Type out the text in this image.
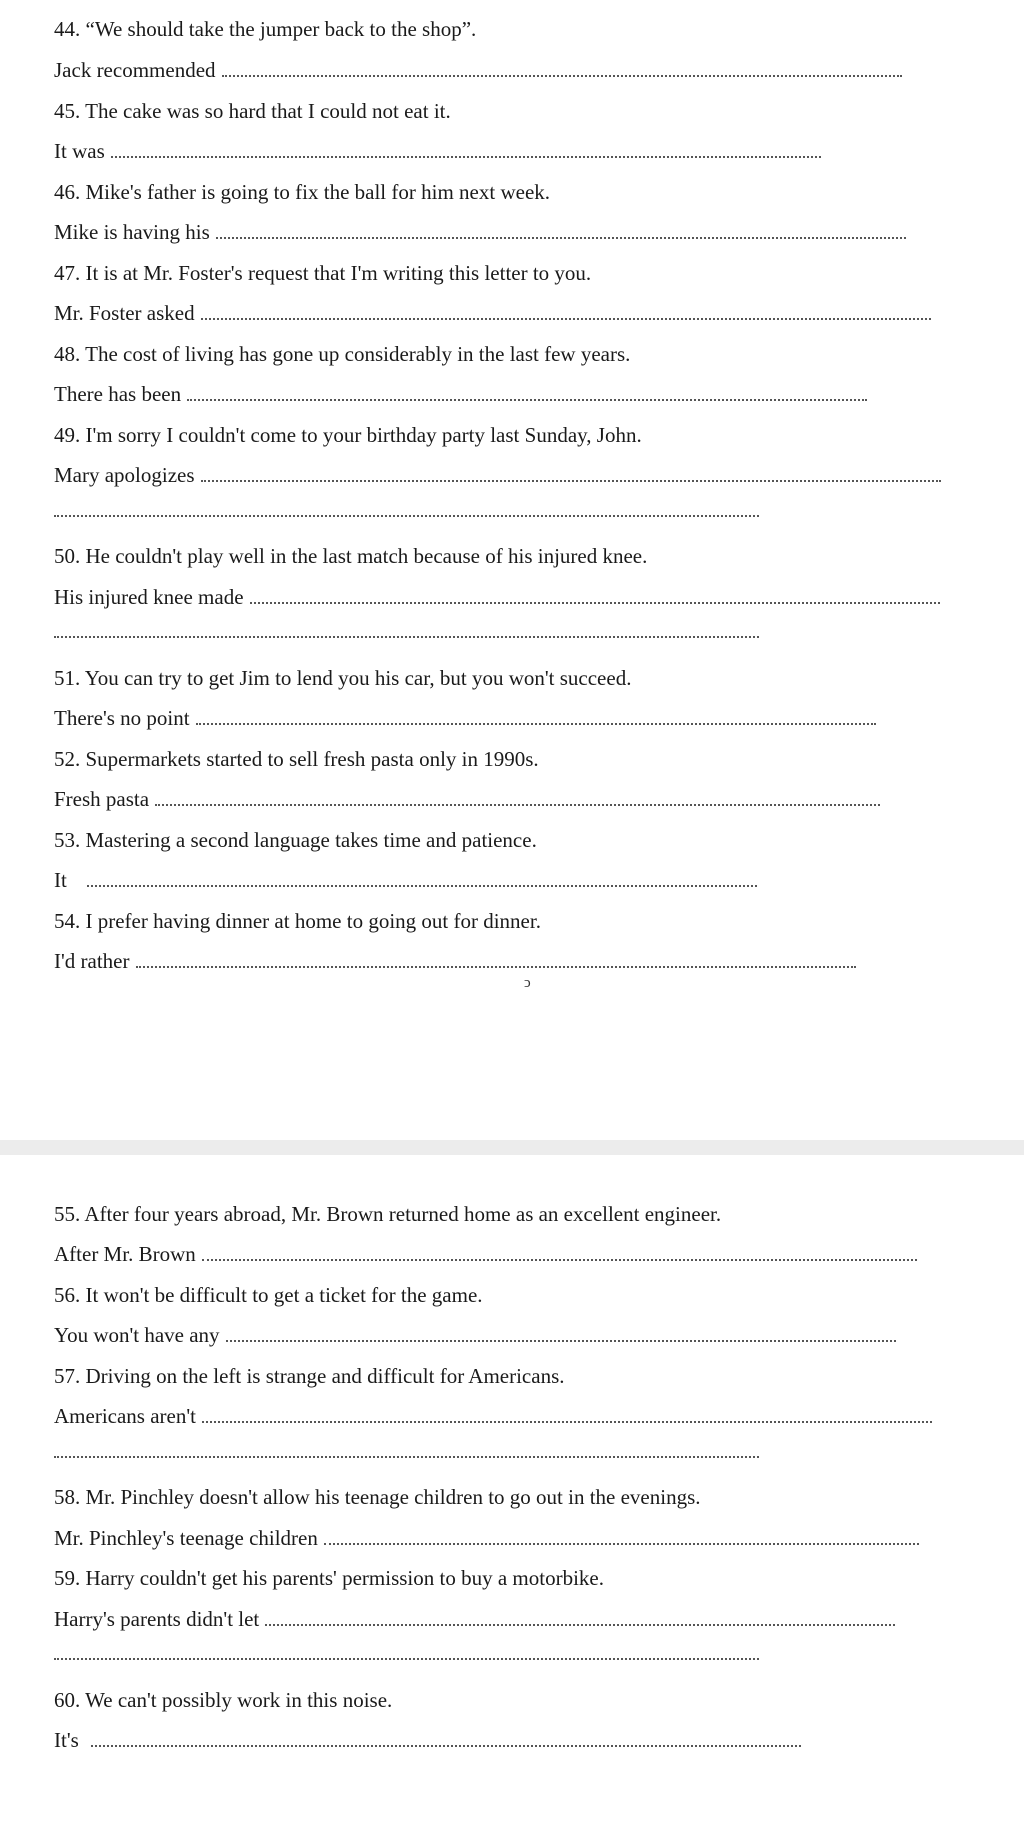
44. “We should take the jumper back to the shop”.
Jack recommended
45. The cake was so hard that I could not eat it.
It was
46. Mike's father is going to fix the ball for him next week.
Mike is having his
47. It is at Mr. Foster's request that I'm writing this letter to you.
Mr. Foster asked
48. The cost of living has gone up considerably in the last few years.
There has been
49. I'm sorry I couldn't come to your birthday party last Sunday, John.
Mary apologizes
50. He couldn't play well in the last match because of his injured knee.
His injured knee made
51. You can try to get Jim to lend you his car, but you won't succeed.
There's no point
52. Supermarkets started to sell fresh pasta only in 1990s.
Fresh pasta
53. Mastering a second language takes time and patience.
It
54. I prefer having dinner at home to going out for dinner.
I'd rather
ↄ
55. After four years abroad, Mr. Brown returned home as an excellent engineer.
After Mr. Brown
56. It won't be difficult to get a ticket for the game.
You won't have any
57. Driving on the left is strange and difficult for Americans.
Americans aren't
58. Mr. Pinchley doesn't allow his teenage children to go out in the evenings.
Mr. Pinchley's teenage children
59. Harry couldn't get his parents' permission to buy a motorbike.
Harry's parents didn't let
60. We can't possibly work in this noise.
It's
